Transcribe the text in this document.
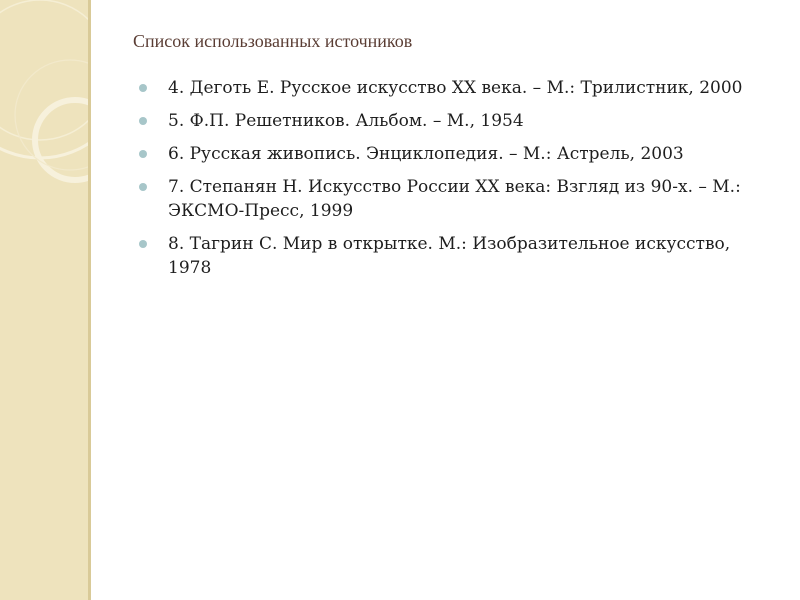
Список использованных источников
4. Деготь Е. Русское искусство XX века. – М.: Трилистник, 2000
5. Ф.П. Решетников. Альбом. – М., 1954
6. Русская живопись. Энциклопедия. – М.: Астрель, 2003
7. Степанян Н. Искусство России XX века: Взгляд из 90-х. – М.: ЭКСМО-Пресс, 1999
8. Тагрин С. Мир в открытке. М.: Изобразительное искусство, 1978
